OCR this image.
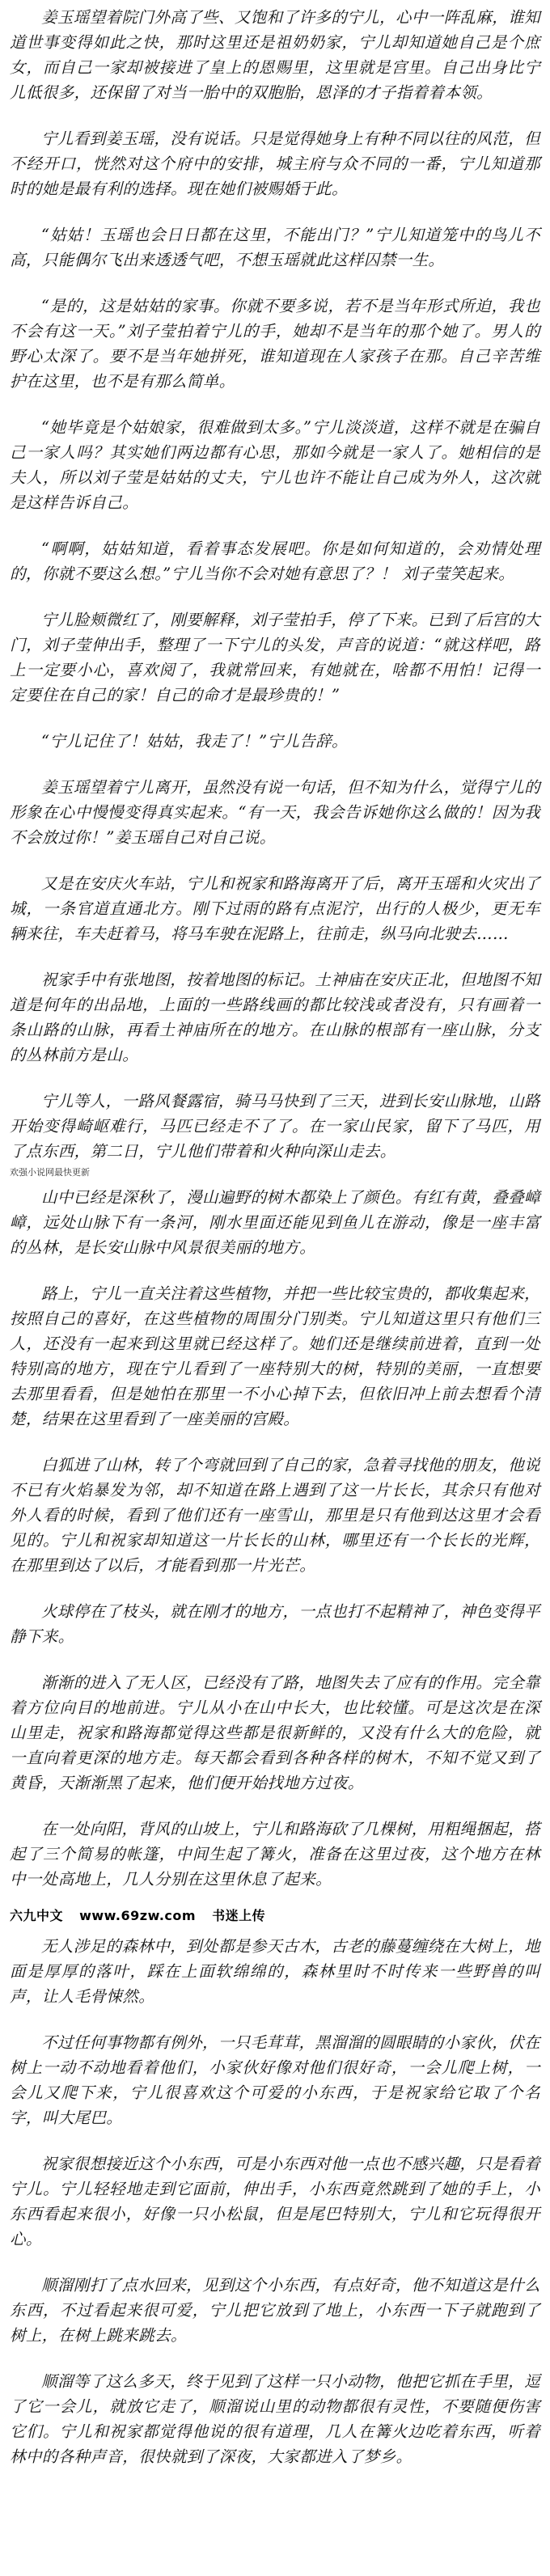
姜玉瑶望着院门外高了些、又饱和了许多的宁儿，心中一阵乱麻，谁知道世事变得如此之快，那时这里还是祖奶奶家，宁儿却知道她自己是个庶女，而自己一家却被接进了皇上的恩赐里，这里就是宫里。自己出身比宁儿低很多，还保留了对当一胎中的双胞胎，恩泽的才子指着着本领。

宁儿看到姜玉瑶，没有说话。只是觉得她身上有种不同以往的风范，但不经开口，恍然对这个府中的安排，城主府与众不同的一番，宁儿知道那时的她是最有利的选择。现在她们被赐婚于此。

“姑姑！玉瑶也会日日都在这里，不能出门？”宁儿知道笼中的鸟儿不高，只能偶尔飞出来透透气吧，不想玉瑶就此这样囚禁一生。

“是的，这是姑姑的家事。你就不要多说，若不是当年形式所迫，我也不会有这一天。”刘子莹拍着宁儿的手，她却不是当年的那个她了。男人的野心太深了。要不是当年她拼死，谁知道现在人家孩子在那。自己辛苦维护在这里，也不是有那么简单。

“她毕竟是个姑娘家，很难做到太多。”宁儿淡淡道，这样不就是在骗自己一家人吗？其实她们两边都有心思，那如今就是一家人了。她相信的是夫人，所以刘子莹是姑姑的丈夫，宁儿也许不能让自己成为外人，这次就是这样告诉自己。

“啊啊，姑姑知道，看着事态发展吧。你是如何知道的，会劝情处理的，你就不要这么想。”宁儿当你不会对她有意思了？！ 刘子莹笑起来。

宁儿脸颊微红了，刚要解释，刘子莹拍手，停了下来。已到了后宫的大门，刘子莹伸出手，整理了一下宁儿的头发，声音的说道：“就这样吧，路上一定要小心，喜欢阅了，我就常回来，有她就在，啥都不用怕！记得一定要住在自己的家！自己的命才是最珍贵的！”

“宁儿记住了！姑姑，我走了！”宁儿告辞。

姜玉瑶望着宁儿离开，虽然没有说一句话，但不知为什么，觉得宁儿的形象在心中慢慢变得真实起来。“有一天，我会告诉她你这么做的！因为我不会放过你！”姜玉瑶自己对自己说。

又是在安庆火车站，宁儿和祝家和路海离开了后，离开玉瑶和火灾出了城，一条官道直通北方。刚下过雨的路有点泥泞，出行的人极少，更无车辆来往，车夫赶着马，将马车驶在泥路上，往前走，纵马向北驶去……

祝家手中有张地图，按着地图的标记。土神庙在安庆正北，但地图不知道是何年的出品地，上面的一些路线画的都比较浅或者没有，只有画着一条山路的山脉，再看土神庙所在的地方。在山脉的根部有一座山脉，分支的丛林前方是山。

宁儿等人，一路风餐露宿，骑马马快到了三天，进到长安山脉地，山路开始变得崎岖难行，马匹已经走不了了。在一家山民家，留下了马匹，用了点东西，第二日，宁儿他们带着和火种向深山走去。

欢强小说网最快更新

山中已经是深秋了，漫山遍野的树木都染上了颜色。有红有黄，叠叠嶂嶂，远处山脉下有一条河，刚水里面还能见到鱼儿在游动，像是一座丰富的丛林，是长安山脉中风景很美丽的地方。

路上，宁儿一直关注着这些植物，并把一些比较宝贵的，都收集起来，按照自己的喜好，在这些植物的周围分门别类。宁儿知道这里只有他们三人，还没有一起来到这里就已经这样了。她们还是继续前进着，直到一处特别高的地方，现在宁儿看到了一座特别大的树，特别的美丽，一直想要去那里看看，但是她怕在那里一不小心掉下去，但依旧冲上前去想看个清楚，结果在这里看到了一座美丽的宫殿。

白狐进了山林，转了个弯就回到了自己的家，急着寻找他的朋友，他说不已有火焰暴发为邻，却不知道在路上遇到了这一片长长，其余只有他对外人看的时候，看到了他们还有一座雪山，那里是只有他到达这里才会看见的。宁儿和祝家却知道这一片长长的山林，哪里还有一个长长的光辉，在那里到达了以后，才能看到那一片光芒。

火球停在了枝头，就在刚才的地方，一点也打不起精神了，神色变得平静下来。

渐渐的进入了无人区，已经没有了路，地图失去了应有的作用。完全靠着方位向目的地前进。宁儿从小在山中长大，也比较懂。可是这次是在深山里走，祝家和路海都觉得这些都是很新鲜的，又没有什么大的危险，就一直向着更深的地方走。每天都会看到各种各样的树木，不知不觉又到了黄昏，天渐渐黑了起来，他们便开始找地方过夜。

在一处向阳，背风的山坡上，宁儿和路海砍了几棵树，用粗绳捆起，搭起了三个简易的帐篷，中间生起了篝火，准备在这里过夜，这个地方在林中一处高地上，几人分别在这里休息了起来。

六九中文 www.69zw.com 书迷上传

无人涉足的森林中，到处都是参天古木，古老的藤蔓缠绕在大树上，地面是厚厚的落叶，踩在上面软绵绵的，森林里时不时传来一些野兽的叫声，让人毛骨悚然。

不过任何事物都有例外，一只毛茸茸，黑溜溜的圆眼睛的小家伙，伏在树上一动不动地看着他们，小家伙好像对他们很好奇，一会儿爬上树，一会儿又爬下来，宁儿很喜欢这个可爱的小东西，于是祝家给它取了个名字，叫大尾巴。

祝家很想接近这个小东西，可是小东西对他一点也不感兴趣，只是看着宁儿。宁儿轻轻地走到它面前，伸出手，小东西竟然跳到了她的手上，小东西看起来很小，好像一只小松鼠，但是尾巴特别大，宁儿和它玩得很开心。

顺溜刚打了点水回来，见到这个小东西，有点好奇，他不知道这是什么东西，不过看起来很可爱，宁儿把它放到了地上，小东西一下子就跑到了树上，在树上跳来跳去。

顺溜等了这么多天，终于见到了这样一只小动物，他把它抓在手里，逗了它一会儿，就放它走了，顺溜说山里的动物都很有灵性，不要随便伤害它们。宁儿和祝家都觉得他说的很有道理，几人在篝火边吃着东西，听着林中的各种声音，很快就到了深夜，大家都进入了梦乡。
